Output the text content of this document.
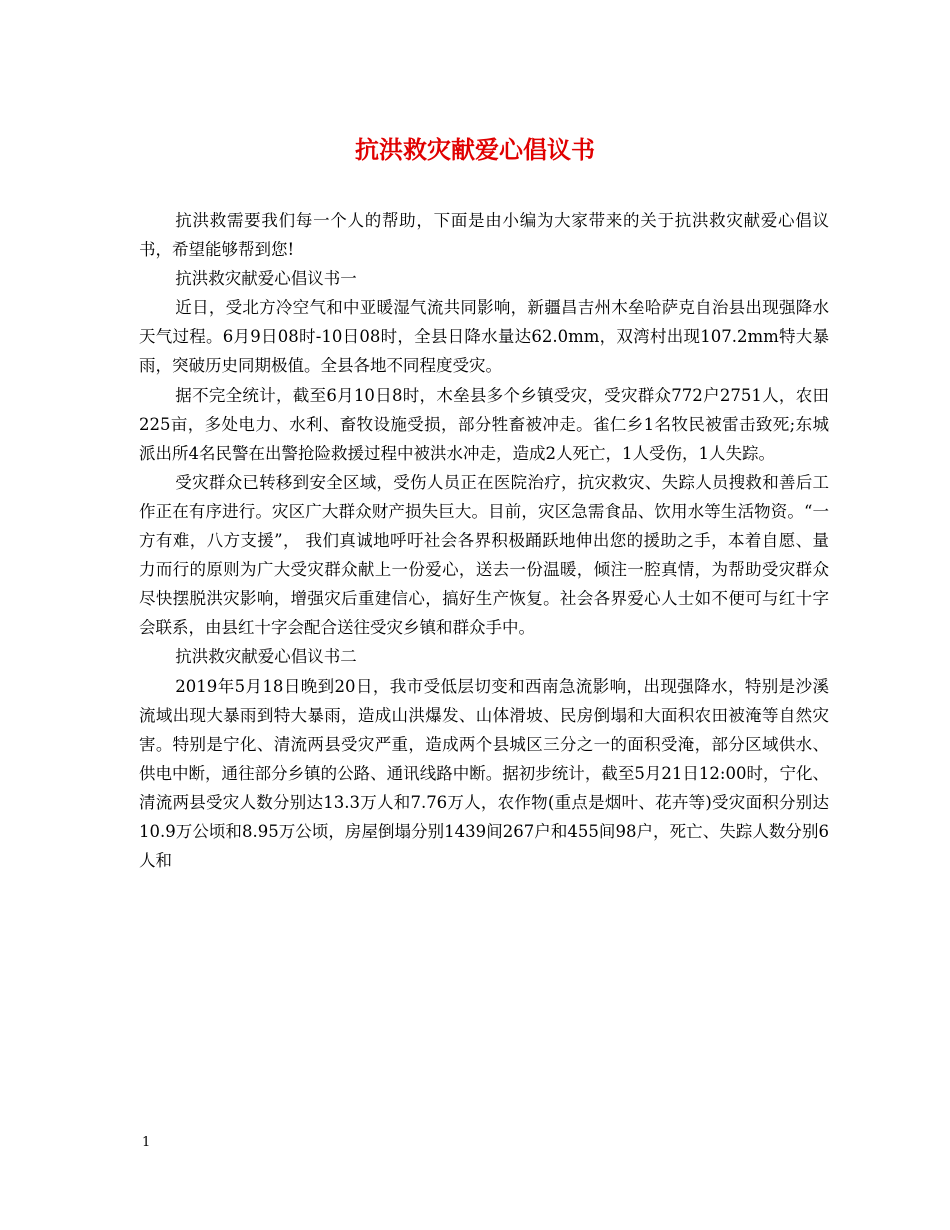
抗洪救灾献爱心倡议书

抗洪救需要我们每一个人的帮助，下面是由小编为大家带来的关于抗洪救灾献爱心倡议书，希望能够帮到您!

抗洪救灾献爱心倡议书一

近日，受北方冷空气和中亚暖湿气流共同影响，新疆昌吉州木垒哈萨克自治县出现强降水天气过程。6月9日08时-10日08时，全县日降水量达62.0mm，双湾村出现107.2mm特大暴雨，突破历史同期极值。全县各地不同程度受灾。

据不完全统计，截至6月10日8时，木垒县多个乡镇受灾，受灾群众772户2751人，农田225亩，多处电力、水利、畜牧设施受损，部分牲畜被冲走。雀仁乡1名牧民被雷击致死;东城派出所4名民警在出警抢险救援过程中被洪水冲走，造成2人死亡，1人受伤，1人失踪。

受灾群众已转移到安全区域，受伤人员正在医院治疗，抗灾救灾、失踪人员搜救和善后工作正在有序进行。灾区广大群众财产损失巨大。目前，灾区急需食品、饮用水等生活物资。“一方有难，八方支援”， 我们真诚地呼吁社会各界积极踊跃地伸出您的援助之手，本着自愿、量力而行的原则为广大受灾群众献上一份爱心，送去一份温暖，倾注一腔真情，为帮助受灾群众尽快摆脱洪灾影响，增强灾后重建信心，搞好生产恢复。社会各界爱心人士如不便可与红十字会联系，由县红十字会配合送往受灾乡镇和群众手中。

抗洪救灾献爱心倡议书二

2019年5月18日晚到20日，我市受低层切变和西南急流影响，出现强降水，特别是沙溪流域出现大暴雨到特大暴雨，造成山洪爆发、山体滑坡、民房倒塌和大面积农田被淹等自然灾害。特别是宁化、清流两县受灾严重，造成两个县城区三分之一的面积受淹，部分区域供水、供电中断，通往部分乡镇的公路、通讯线路中断。据初步统计，截至5月21日12:00时，宁化、清流两县受灾人数分别达13.3万人和7.76万人，农作物(重点是烟叶、花卉等)受灾面积分别达10.9万公顷和8.95万公顷，房屋倒塌分别1439间267户和455间98户，死亡、失踪人数分别6人和

1
